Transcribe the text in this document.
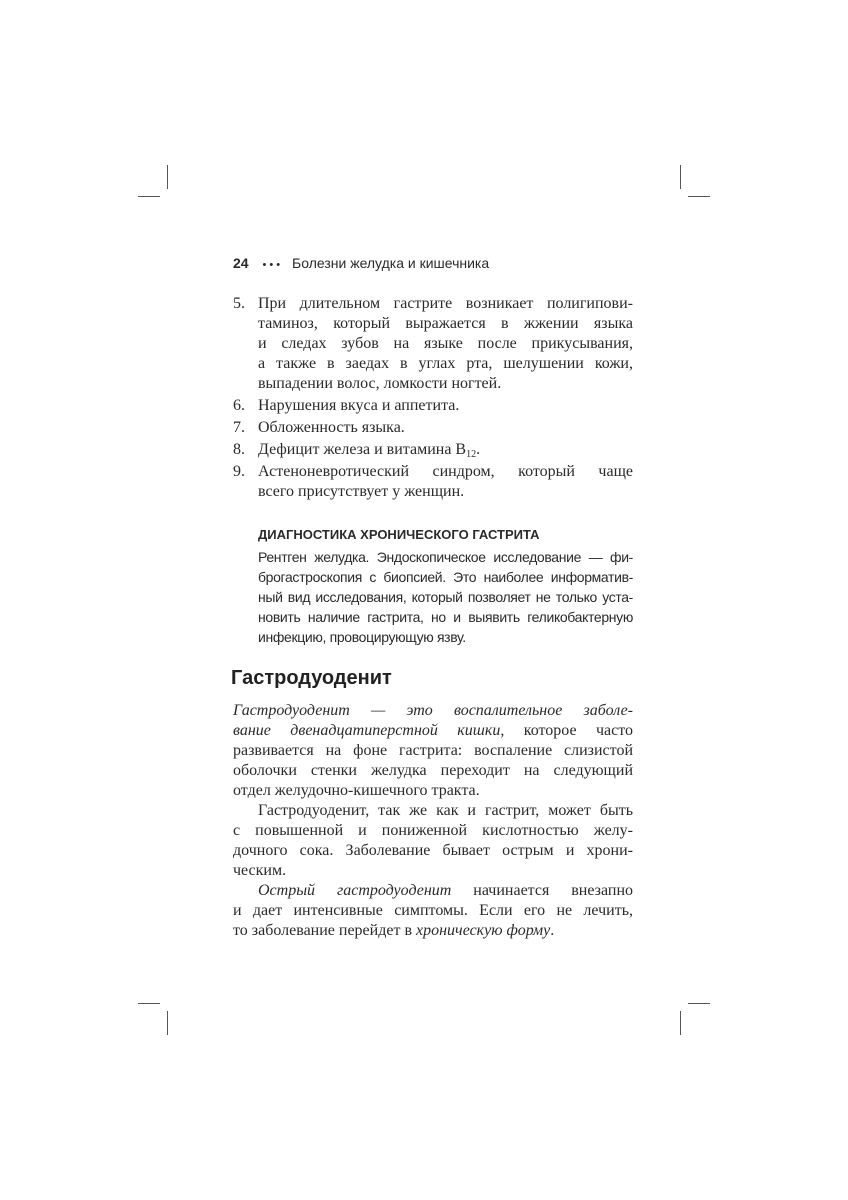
24 • • • Болезни желудка и кишечника
5. При длительном гастрите возникает полигипови-
таминоз, который выражается в жжении языка
и следах зубов на языке после прикусывания,
а также в заедах в углах рта, шелушении кожи,
выпадении волос, ломкости ногтей.
6. Нарушения вкуса и аппетита.
7. Обложенность языка.
8. Дефицит железа и витамина $B_{12}$.
9. Астеноневротический синдром, который чаще
всего присутствует у женщин.
ДИАГНОСТИКА ХРОНИЧЕСКОГО ГАСТРИТА
Рентген желудка. Эндоскопическое исследование — фи-
брогастроскопия с биопсией. Это наиболее информатив-
ный вид исследования, который позволяет не только уста-
новить наличие гастрита, но и выявить геликобактерную
инфекцию, провоцирующую язву.
Гастродуоденит
Гастродуоденит — это воспалительное заболе-
вание двенадцатиперстной кишки, которое часто
развивается на фоне гастрита: воспаление слизистой
оболочки стенки желудка переходит на следующий
отдел желудочно-кишечного тракта.
Гастродуоденит, так же как и гастрит, может быть
с повышенной и пониженной кислотностью желу-
дочного сока. Заболевание бывает острым и хрони-
ческим.
Острый гастродуоденит начинается внезапно
и дает интенсивные симптомы. Если его не лечить,
то заболевание перейдет в хроническую форму.
